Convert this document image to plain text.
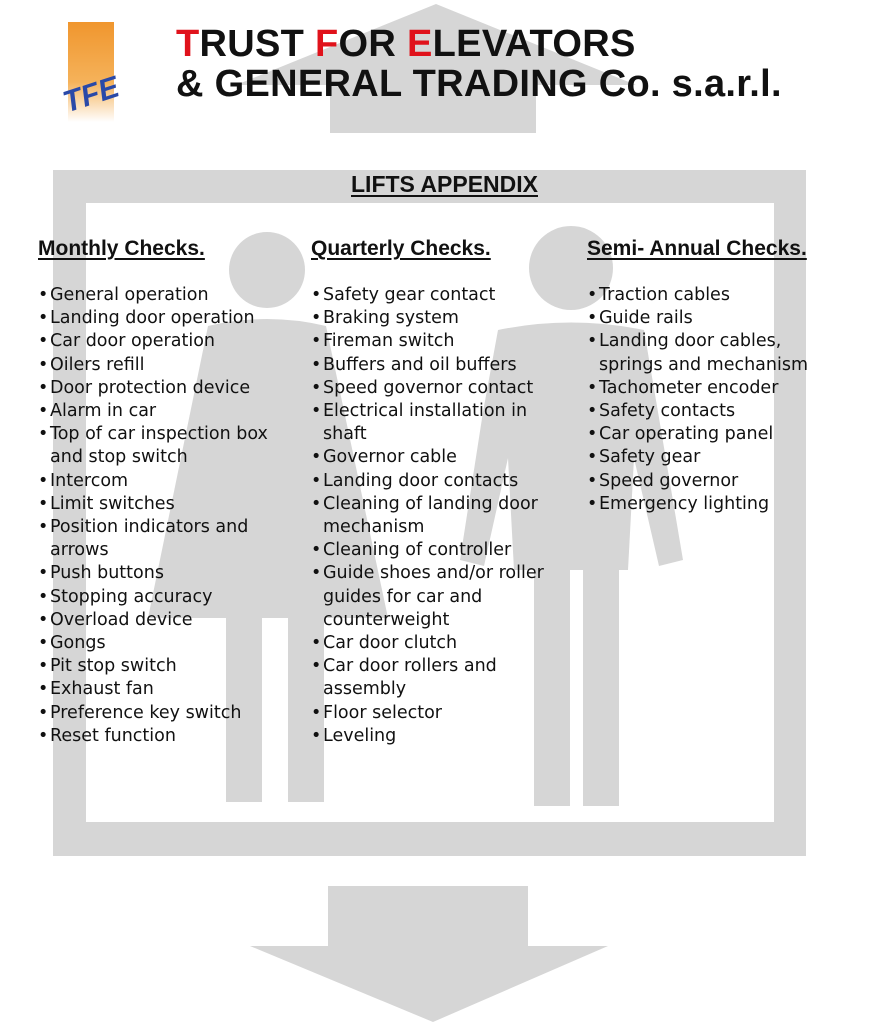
TFE
TRUST FOR ELEVATORS
& GENERAL TRADING Co. s.a.r.l.
LIFTS APPENDIX
Monthly Checks.
• General operation
• Landing door operation
• Car door operation
• Oilers refill
• Door protection device
• Alarm in car
• Top of car inspection box
and stop switch
• Intercom
• Limit switches
• Position indicators and
arrows
• Push buttons
• Stopping accuracy
• Overload device
• Gongs
• Pit stop switch
• Exhaust fan
• Preference key switch
• Reset function
Quarterly Checks.
• Safety gear contact
• Braking system
• Fireman switch
• Buffers and oil buffers
• Speed governor contact
• Electrical installation in
shaft
• Governor cable
• Landing door contacts
• Cleaning of landing door
mechanism
• Cleaning of controller
• Guide shoes and/or roller
guides for car and
counterweight
• Car door clutch
• Car door rollers and
assembly
• Floor selector
• Leveling
Semi- Annual Checks.
• Traction cables
• Guide rails
• Landing door cables,
springs and mechanism
• Tachometer encoder
• Safety contacts
• Car operating panel
• Safety gear
• Speed governor
• Emergency lighting
